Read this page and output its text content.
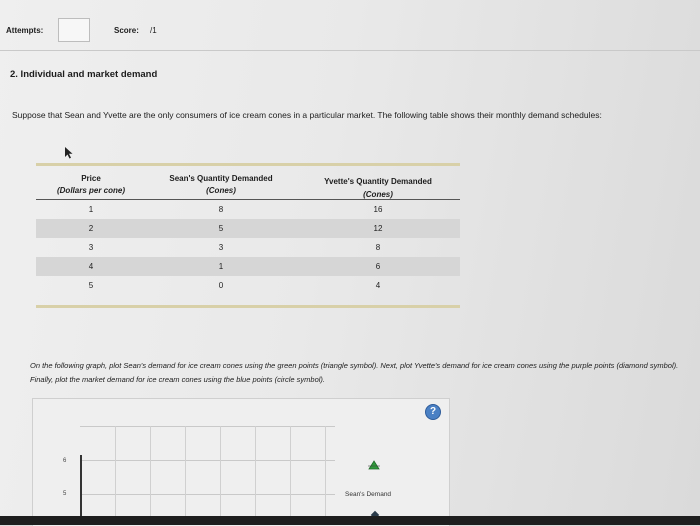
Attempts:	Score: /1
2. Individual and market demand
Suppose that Sean and Yvette are the only consumers of ice cream cones in a particular market. The following table shows their monthly demand schedules:
Price	Sean's Quantity Demanded	Yvette's Quantity Demanded
(Dollars per cone)	(Cones)	(Cones)
1	8	16
2	5	12
3	3	8
4	1	6
5	0	4
On the following graph, plot Sean's demand for ice cream cones using the green points (triangle symbol). Next, plot Yvette's demand for ice cream cones using the purple points (diamond symbol). Finally, plot the market demand for ice cream cones using the blue points (circle symbol).
?
6
5	Sean's Demand
